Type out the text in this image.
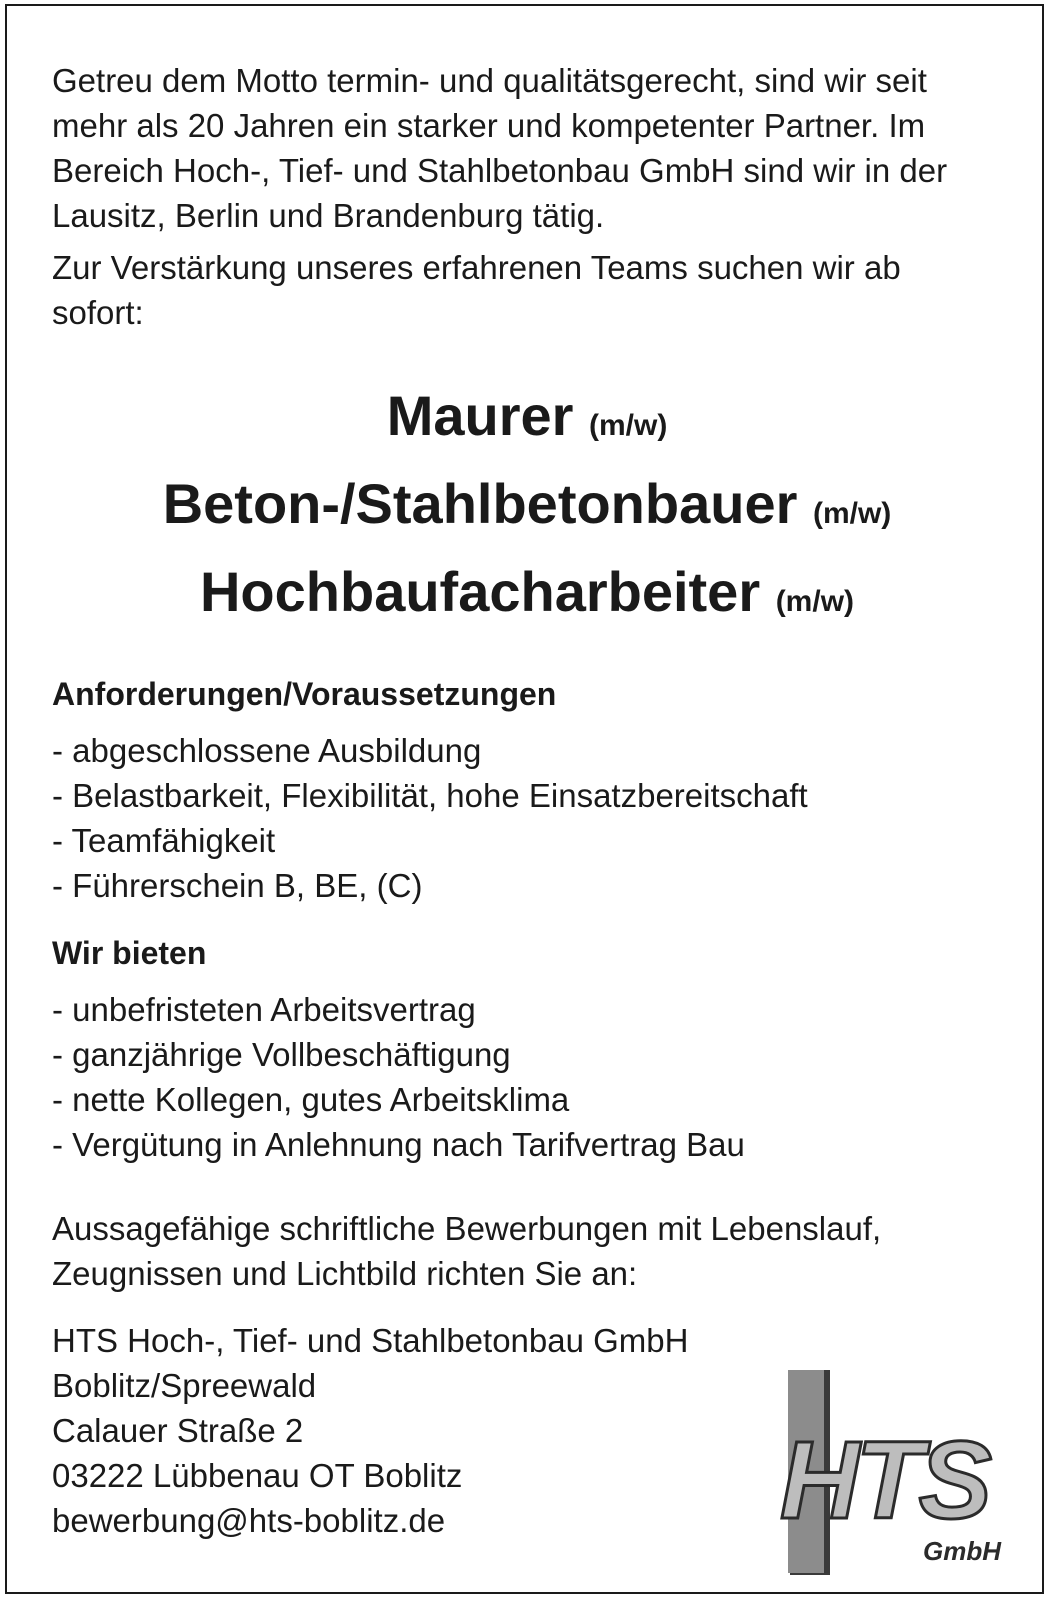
Getreu dem Motto termin- und qualitätsgerecht, sind wir seit mehr als 20 Jahren ein starker und kompetenter Partner. Im Bereich Hoch-, Tief- und Stahlbetonbau GmbH sind wir in der Lausitz, Berlin und Brandenburg tätig.

Zur Verstärkung unseres erfahrenen Teams suchen wir ab sofort:

Maurer (m/w)
Beton-/Stahlbetonbauer (m/w)
Hochbaufacharbeiter (m/w)
Anforderungen/Voraussetzungen
- abgeschlossene Ausbildung
- Belastbarkeit, Flexibilität, hohe Einsatzbereitschaft
- Teamfähigkeit
- Führerschein B, BE, (C)
Wir bieten
- unbefristeten Arbeitsvertrag
- ganzjährige Vollbeschäftigung
- nette Kollegen, gutes Arbeitsklima
- Vergütung in Anlehnung nach Tarifvertrag Bau

Aussagefähige schriftliche Bewerbungen mit Lebenslauf, Zeugnissen und Lichtbild richten Sie an:

HTS Hoch-, Tief- und Stahlbetonbau GmbH
Boblitz/Spreewald
Calauer Straße 2
03222 Lübbenau OT Boblitz
bewerbung@hts-boblitz.de	HTS
GmbH
